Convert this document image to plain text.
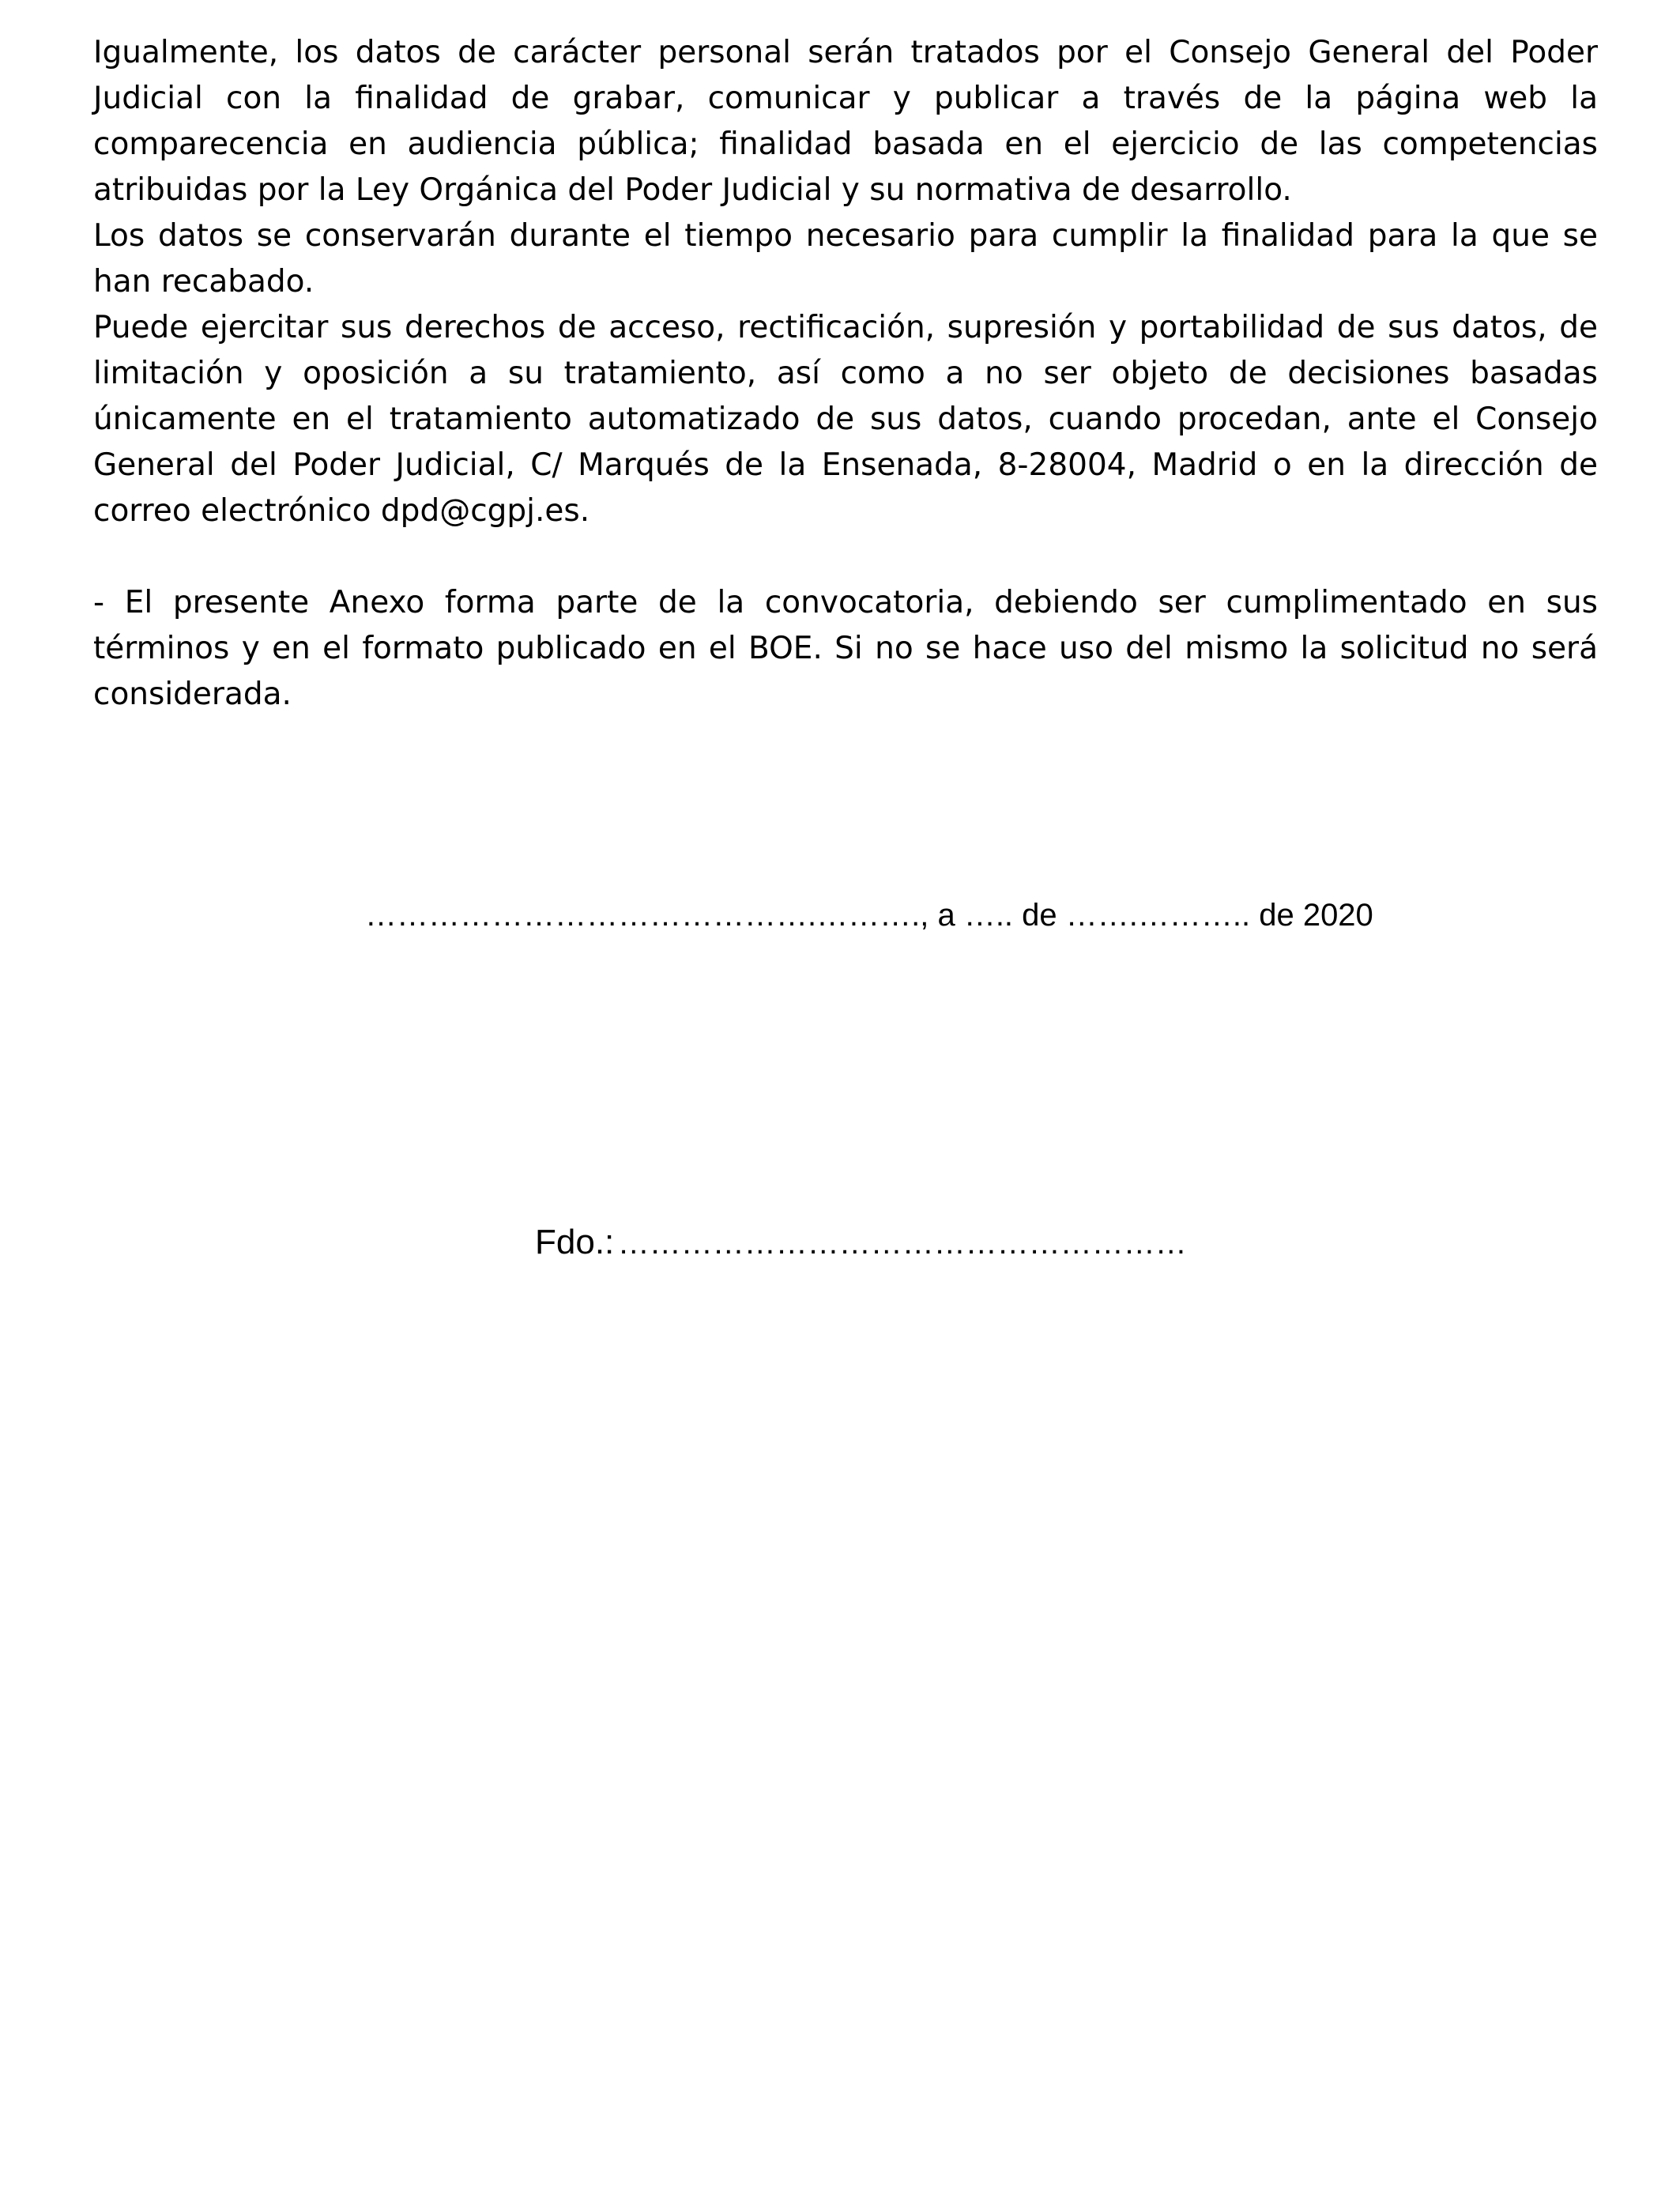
Igualmente, los datos de carácter personal serán tratados por el Consejo General del Poder Judicial con la finalidad de grabar, comunicar y publicar a través de la página web la comparecencia en audiencia pública; finalidad basada en el ejercicio de las competencias atribuidas por la Ley Orgánica del Poder Judicial y su normativa de desarrollo.

Los datos se conservarán durante el tiempo necesario para cumplir la finalidad para la que se han recabado.

Puede ejercitar sus derechos de acceso, rectificación, supresión y portabilidad de sus datos, de limitación y oposición a su tratamiento, así como a no ser objeto de decisiones basadas únicamente en el tratamiento automatizado de sus datos, cuando procedan, ante el Consejo General del Poder Judicial, C/ Marqués de la Ensenada, 8-28004, Madrid o en la dirección de correo electrónico dpd@cgpj.es.

- El presente Anexo forma parte de la convocatoria, debiendo ser cumplimentado en sus términos y en el formato publicado en el BOE. Si no se hace uso del mismo la solicitud no será considerada.

…………………………………….………., a ….. de …….……….. de 2020
Fdo.: ………………………………………………
